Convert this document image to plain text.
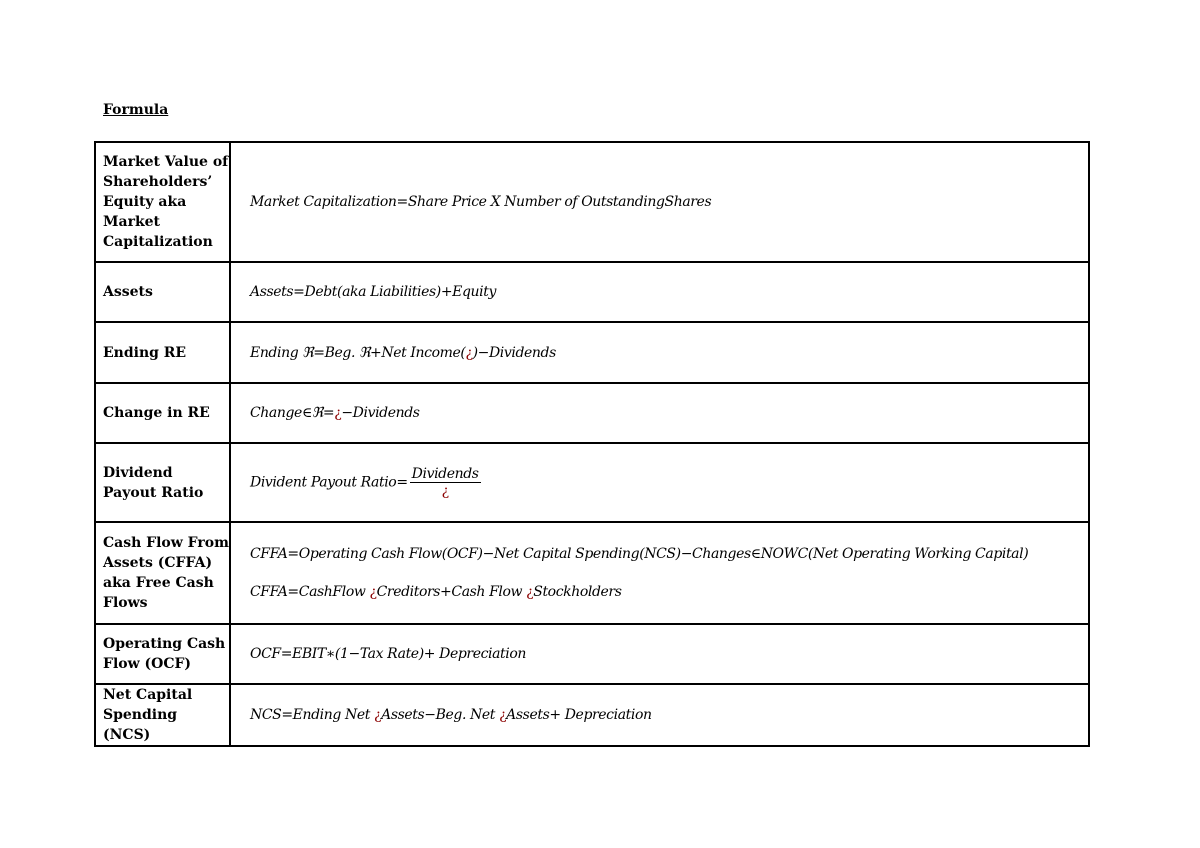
Formula
Market Value of Shareholders’ Equity aka Market Capitalization	Market Capitalization=Share Price X Number of OutstandingShares
Assets	Assets=Debt(aka Liabilities)+Equity
Ending RE	Ending ℜ=Beg. ℜ+Net Income(¿)−Dividends
Change in RE	Change∈ℜ=¿−Dividends
Dividend Payout Ratio	Divident Payout Ratio= $\frac{\text{Dividends}}{¿}$

Cash Flow From Assets (CFFA) aka Free Cash Flows	CFFA=Operating Cash Flow(OCF)−Net Capital Spending(NCS)−Changes∈NOWC(Net Operating Working Capital)
CFFA=CashFlow ¿Creditors+Cash Flow ¿Stockholders

Operating Cash Flow (OCF)	OCF=EBIT∗(1−Tax Rate)+ Depreciation
Net Capital Spending (NCS)	NCS=Ending Net ¿Assets−Beg. Net ¿Assets+ Depreciation
